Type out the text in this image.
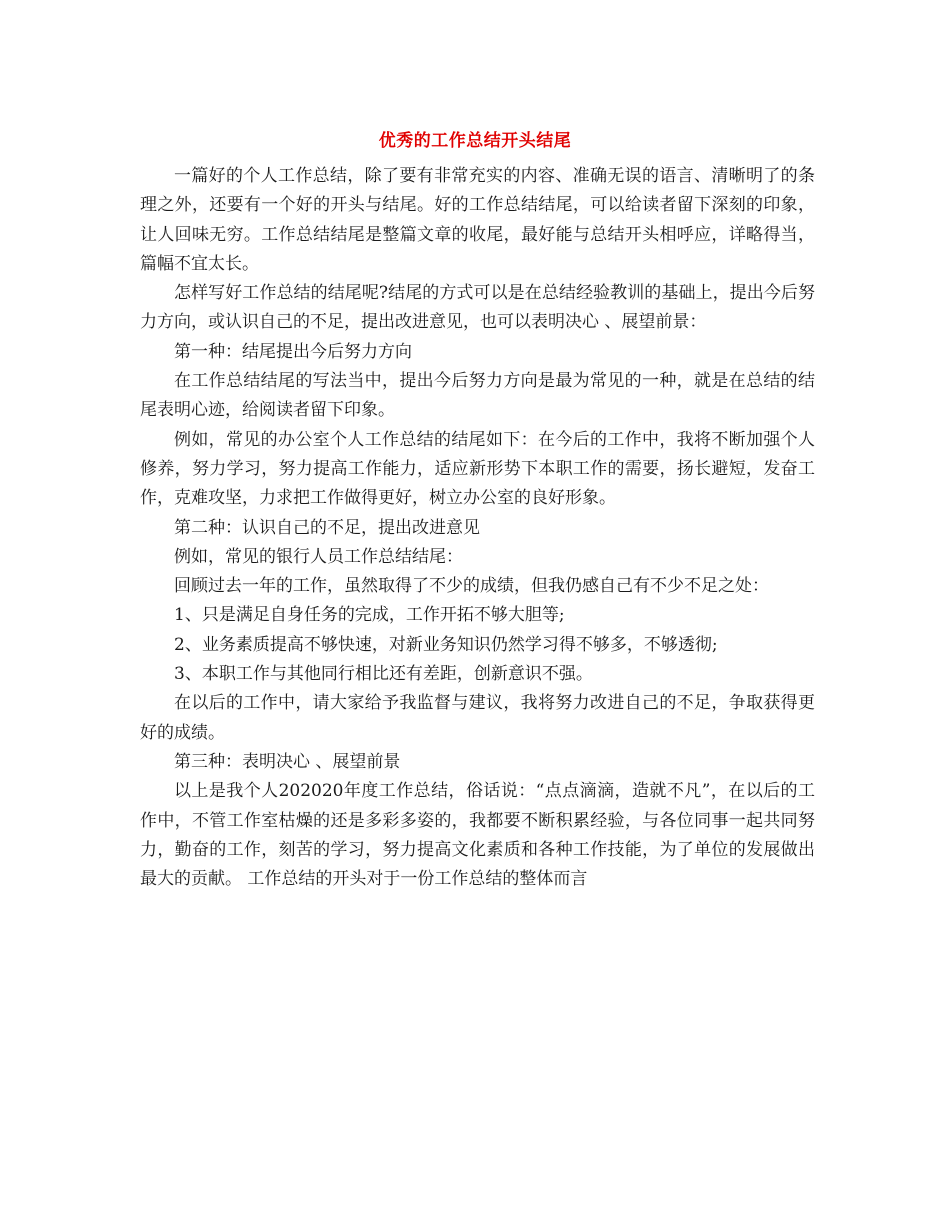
优秀的工作总结开头结尾

一篇好的个人工作总结，除了要有非常充实的内容、准确无误的语言、清晰明了的条理之外，还要有一个好的开头与结尾。好的工作总结结尾，可以给读者留下深刻的印象，让人回味无穷。工作总结结尾是整篇文章的收尾，最好能与总结开头相呼应，详略得当，篇幅不宜太长。

怎样写好工作总结的结尾呢?结尾的方式可以是在总结经验教训的基础上，提出今后努力方向，或认识自己的不足，提出改进意见，也可以表明决心 、展望前景：

第一种：结尾提出今后努力方向

在工作总结结尾的写法当中，提出今后努力方向是最为常见的一种，就是在总结的结尾表明心迹，给阅读者留下印象。

例如，常见的办公室个人工作总结的结尾如下：在今后的工作中，我将不断加强个人修养，努力学习，努力提高工作能力，适应新形势下本职工作的需要，扬长避短，发奋工作，克难攻坚，力求把工作做得更好，树立办公室的良好形象。

第二种：认识自己的不足，提出改进意见

例如，常见的银行人员工作总结结尾：

回顾过去一年的工作，虽然取得了不少的成绩，但我仍感自己有不少不足之处：

1、只是满足自身任务的完成，工作开拓不够大胆等;

2、业务素质提高不够快速，对新业务知识仍然学习得不够多，不够透彻;

3、本职工作与其他同行相比还有差距，创新意识不强。

在以后的工作中，请大家给予我监督与建议，我将努力改进自己的不足，争取获得更好的成绩。

第三种：表明决心 、展望前景

以上是我个人202020年度工作总结，俗话说：“点点滴滴，造就不凡”，在以后的工作中，不管工作室枯燥的还是多彩多姿的，我都要不断积累经验，与各位同事一起共同努力，勤奋的工作，刻苦的学习，努力提高文化素质和各种工作技能，为了单位的发展做出最大的贡献。 工作总结的开头对于一份工作总结的整体而言
